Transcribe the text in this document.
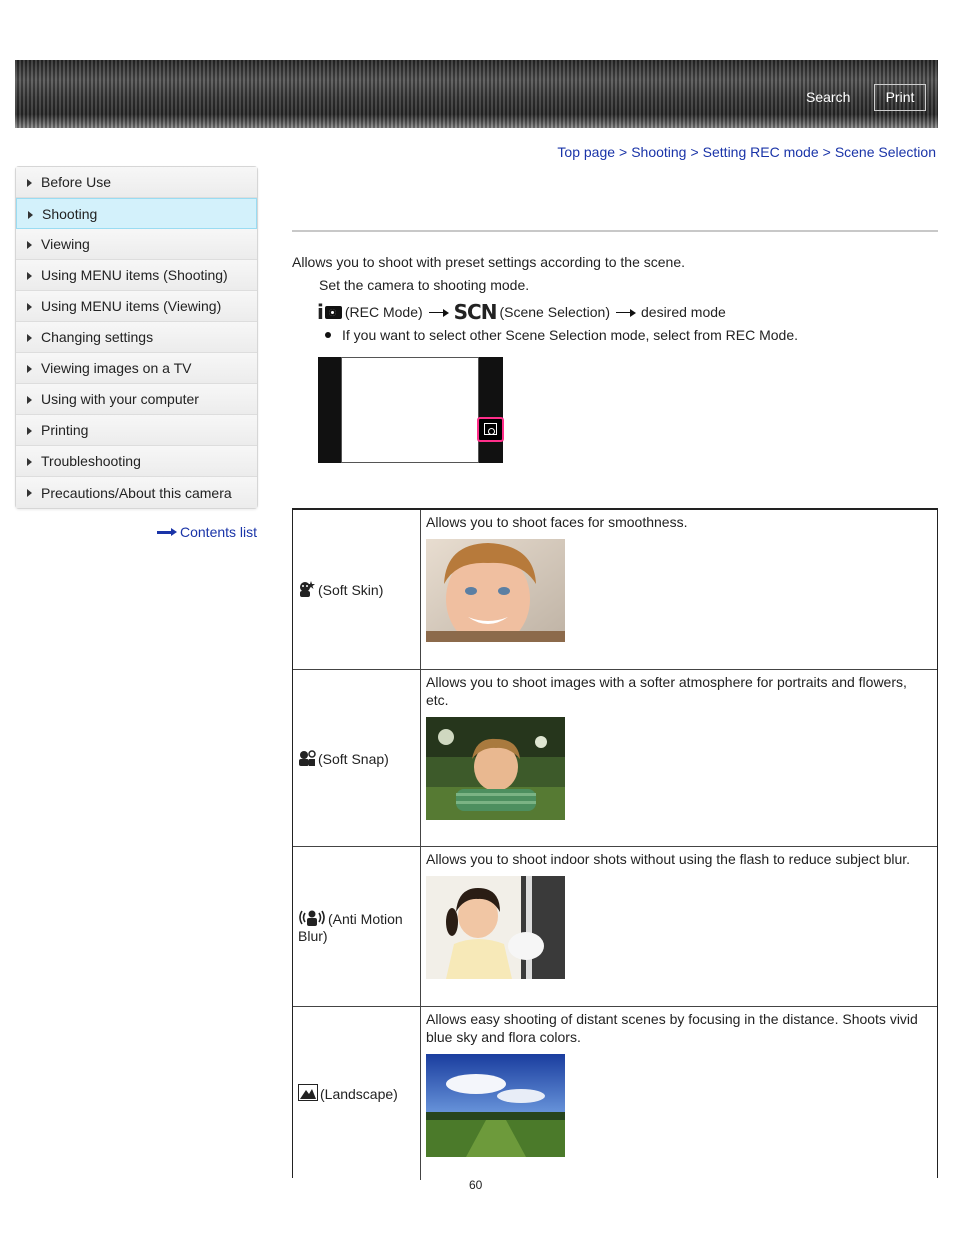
Search	Print
Top page > Shooting > Setting REC mode > Scene Selection
Before Use
Shooting
Viewing
Using MENU items (Shooting)
Using MENU items (Viewing)
Changing settings
Viewing images on a TV
Using with your computer
Printing
Troubleshooting
Precautions/About this camera
Contents list
Allows you to shoot with preset settings according to the scene.
Set the camera to shooting mode.
i (REC Mode) SCN (Scene Selection) desired mode
If you want to select other Scene Selection mode, select from REC Mode.
(Soft Skin)
Allows you to shoot faces for smoothness.
(Soft Snap)
Allows you to shoot images with a softer atmosphere for portraits and flowers, etc.
(Anti Motion Blur)
Allows you to shoot indoor shots without using the flash to reduce subject blur.
(Landscape)
Allows easy shooting of distant scenes by focusing in the distance. Shoots vivid blue sky and flora colors.
60
